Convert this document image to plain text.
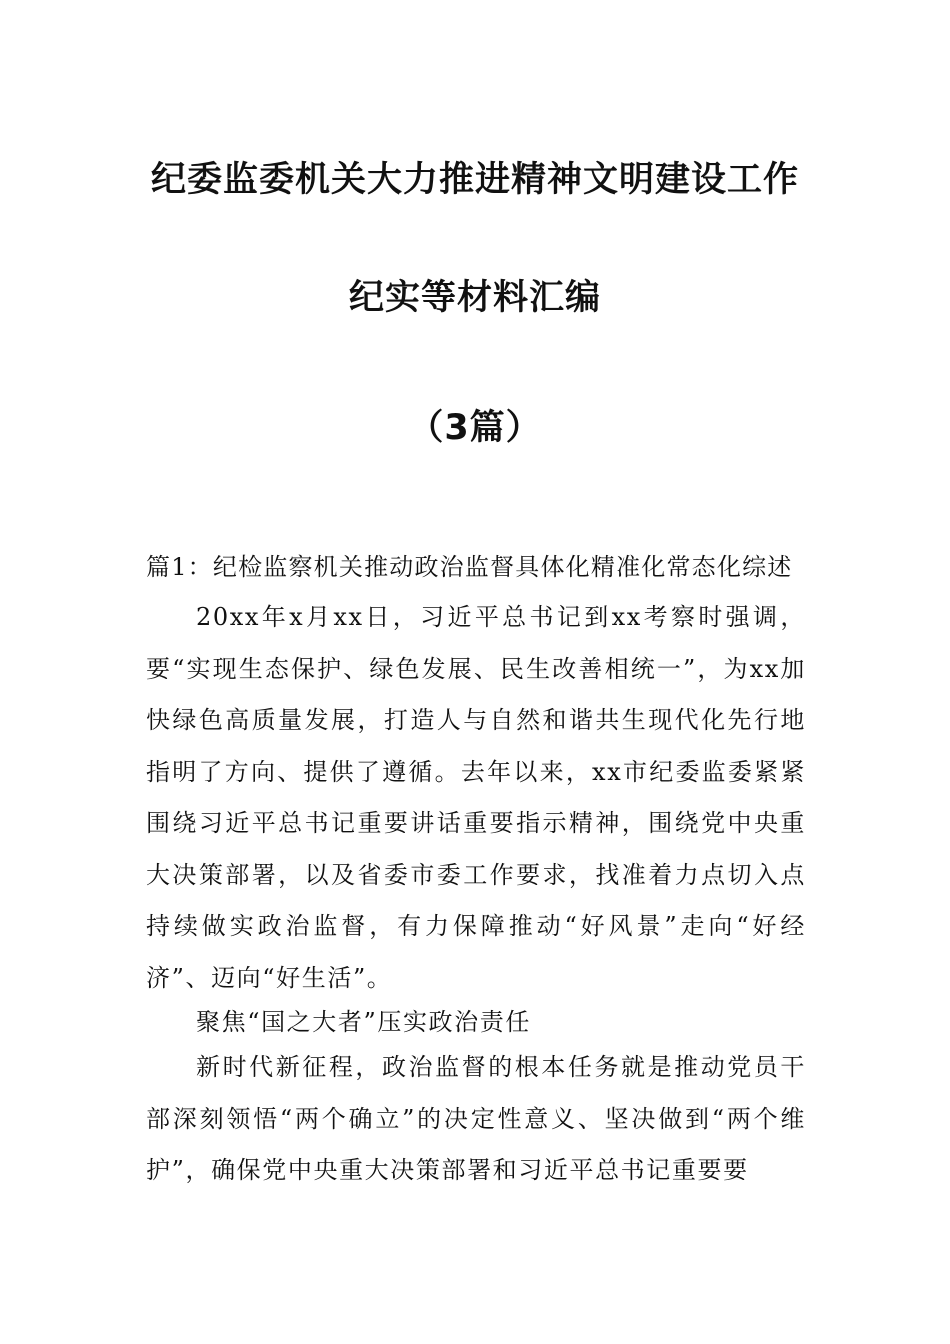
纪委监委机关大力推进精神文明建设工作
纪实等材料汇编
（3篇）
篇1：纪检监察机关推动政治监督具体化精准化常态化综述

20xx年x月xx日，习近平总书记到xx考察时强调，要“实现生态保护、绿色发展、民生改善相统一”，为xx加快绿色高质量发展，打造人与自然和谐共生现代化先行地指明了方向、提供了遵循。去年以来，xx市纪委监委紧紧围绕习近平总书记重要讲话重要指示精神，围绕党中央重大决策部署，以及省委市委工作要求，找准着力点切入点持续做实政治监督，有力保障推动“好风景”走向“好经济”、迈向“好生活”。

聚焦“国之大者”压实政治责任

新时代新征程，政治监督的根本任务就是推动党员干部深刻领悟“两个确立”的决定性意义、坚决做到“两个维护”，确保党中央重大决策部署和习近平总书记重要要
